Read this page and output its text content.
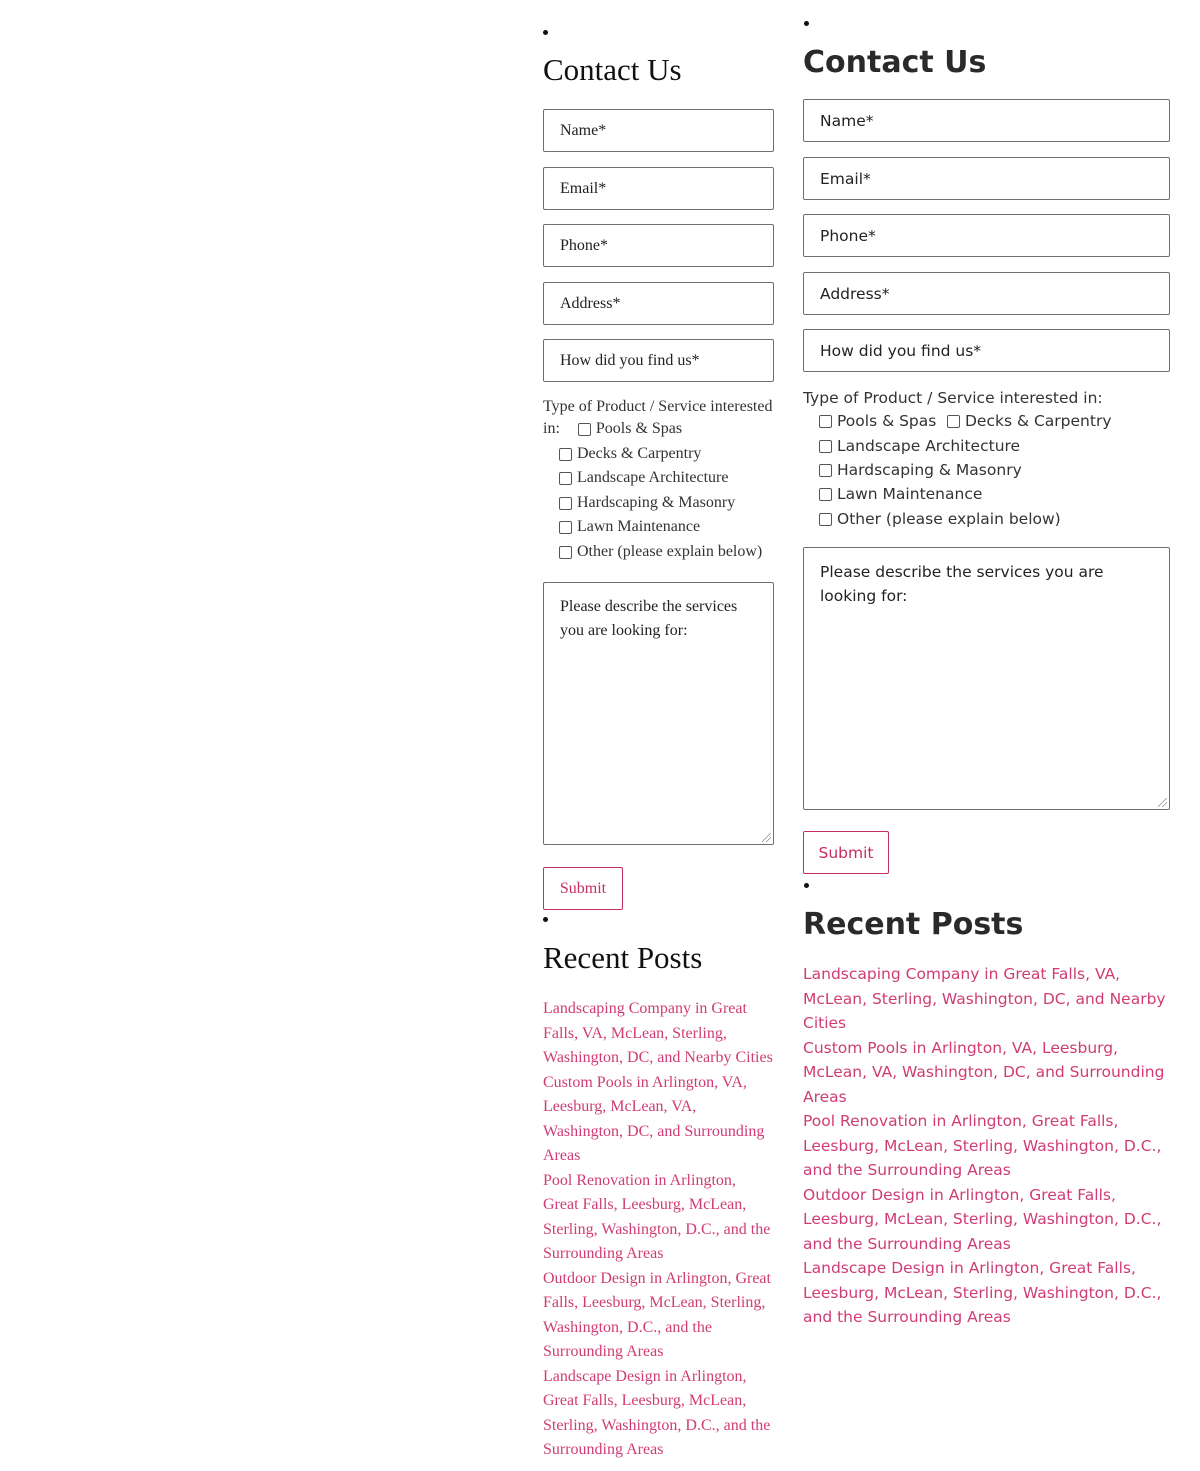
Contact Us
Name*
Email*
Phone*
Address*
How did you find us*
Type of Product / Service interested
in: Pools & Spas
Decks & Carpentry
Landscape Architecture
Hardscaping & Masonry
Lawn Maintenance
Other (please explain below)
Please describe the services you are looking for:
Submit
Recent Posts
Landscaping Company in Great Falls, VA, McLean, Sterling, Washington, DC, and Nearby Cities
Custom Pools in Arlington, VA, Leesburg, McLean, VA, Washington, DC, and Surrounding Areas
Pool Renovation in Arlington, Great Falls, Leesburg, McLean, Sterling, Washington, D.C., and the Surrounding Areas
Outdoor Design in Arlington, Great Falls, Leesburg, McLean, Sterling, Washington, D.C., and the Surrounding Areas
Landscape Design in Arlington, Great Falls, Leesburg, McLean, Sterling, Washington, D.C., and the Surrounding Areas
Contact Us
Name*
Email*
Phone*
Address*
How did you find us*
Type of Product / Service interested in:
Pools & Spas Decks & Carpentry
Landscape Architecture
Hardscaping & Masonry
Lawn Maintenance
Other (please explain below)
Please describe the services you are looking for:
Submit
Recent Posts
Landscaping Company in Great Falls, VA, McLean, Sterling, Washington, DC, and Nearby Cities
Custom Pools in Arlington, VA, Leesburg, McLean, VA, Washington, DC, and Surrounding Areas
Pool Renovation in Arlington, Great Falls, Leesburg, McLean, Sterling, Washington, D.C., and the Surrounding Areas
Outdoor Design in Arlington, Great Falls, Leesburg, McLean, Sterling, Washington, D.C., and the Surrounding Areas
Landscape Design in Arlington, Great Falls, Leesburg, McLean, Sterling, Washington, D.C., and the Surrounding Areas
